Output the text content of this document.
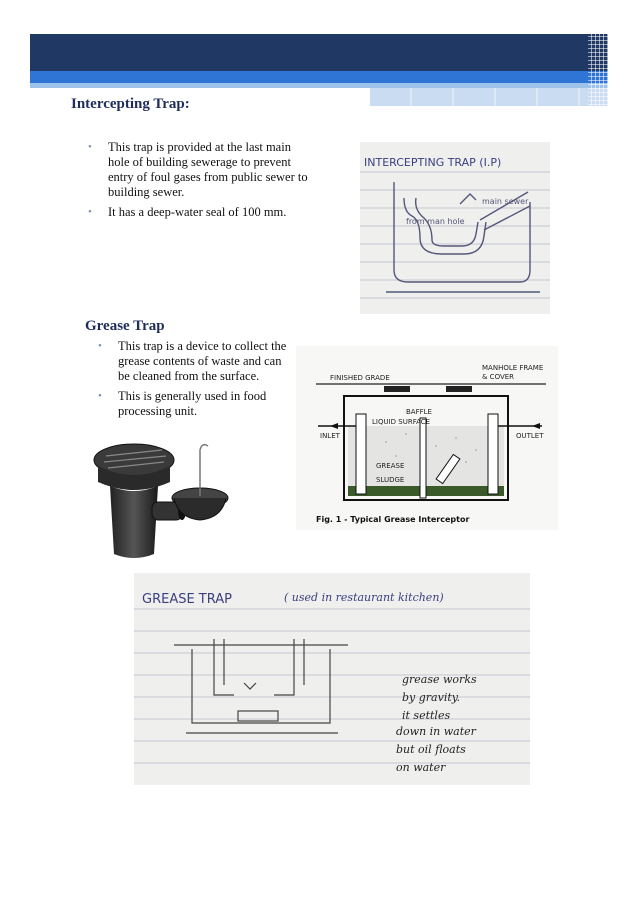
Intercepting Trap:
• This trap is provided at the last main hole of building sewerage to prevent entry of foul gases from public sewer to building sewer.
• It has a deep-water seal of 100 mm.
INTERCEPTING TRAP (I.P)
from man hole
main sewer
Grease Trap
• This trap is a device to collect the grease contents of waste and can be cleaned from the surface.
• This is generally used in food processing unit.
FINISHED GRADE
MANHOLE FRAME
& COVER
INLET	OUTLET
BAFFLE
LIQUID SURFACE
GREASE
SLUDGE
Fig. 1 - Typical Grease Interceptor
GREASE TRAP	( used in restaurant kitchen)
grease works
by gravity.
it settles
down in water
but oil floats
on water
